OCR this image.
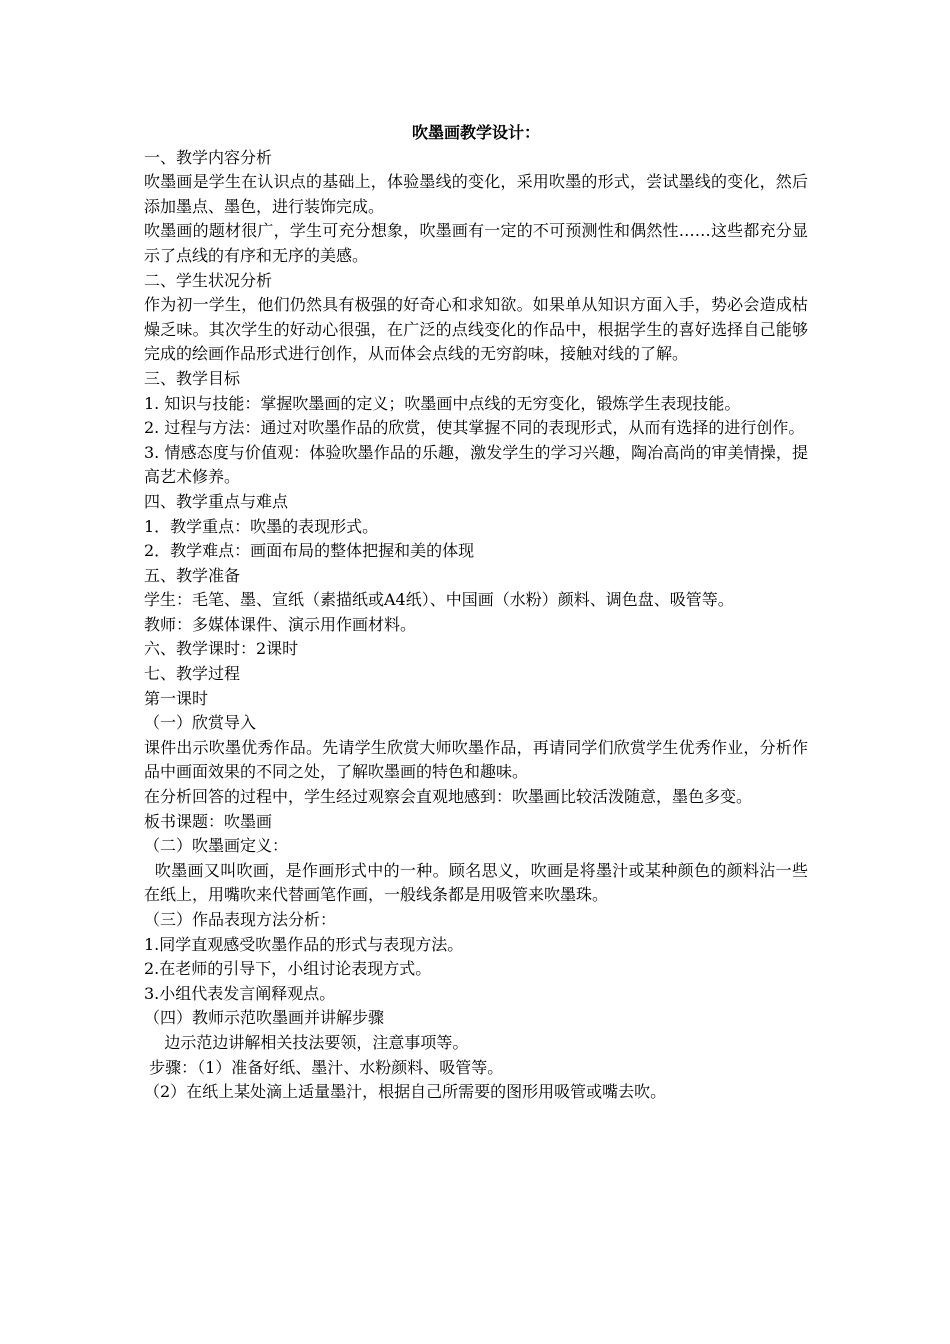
吹墨画教学设计：

一、教学内容分析

吹墨画是学生在认识点的基础上，体验墨线的变化，采用吹墨的形式，尝试墨线的变化，然后添加墨点、墨色，进行装饰完成。

吹墨画的题材很广，学生可充分想象，吹墨画有一定的不可预测性和偶然性……这些都充分显示了点线的有序和无序的美感。

二、学生状况分析

作为初一学生，他们仍然具有极强的好奇心和求知欲。如果单从知识方面入手，势必会造成枯燥乏味。其次学生的好动心很强，在广泛的点线变化的作品中，根据学生的喜好选择自己能够完成的绘画作品形式进行创作，从而体会点线的无穷韵味，接触对线的了解。

三、教学目标

1. 知识与技能：掌握吹墨画的定义；吹墨画中点线的无穷变化，锻炼学生表现技能。

2. 过程与方法：通过对吹墨作品的欣赏，使其掌握不同的表现形式，从而有选择的进行创作。

3. 情感态度与价值观：体验吹墨作品的乐趣，激发学生的学习兴趣，陶冶高尚的审美情操，提高艺术修养。

四、教学重点与难点

1．教学重点：吹墨的表现形式。

2．教学难点：画面布局的整体把握和美的体现

五、教学准备

学生：毛笔、墨、宣纸（素描纸或A4纸）、中国画（水粉）颜料、调色盘、吸管等。

教师：多媒体课件、演示用作画材料。

六、教学课时：2课时

七、教学过程

第一课时

（一）欣赏导入

课件出示吹墨优秀作品。先请学生欣赏大师吹墨作品，再请同学们欣赏学生优秀作业，分析作品中画面效果的不同之处，了解吹墨画的特色和趣味。

在分析回答的过程中，学生经过观察会直观地感到：吹墨画比较活泼随意，墨色多变。

板书课题：吹墨画

（二）吹墨画定义：

吹墨画又叫吹画，是作画形式中的一种。顾名思义，吹画是将墨汁或某种颜色的颜料沾一些在纸上，用嘴吹来代替画笔作画，一般线条都是用吸管来吹墨珠。

（三）作品表现方法分析：

1.同学直观感受吹墨作品的形式与表现方法。

2.在老师的引导下，小组讨论表现方式。

3.小组代表发言阐释观点。

（四）教师示范吹墨画并讲解步骤

边示范边讲解相关技法要领，注意事项等。

步骤：（1）准备好纸、墨汁、水粉颜料、吸管等。

（2）在纸上某处滴上适量墨汁，根据自己所需要的图形用吸管或嘴去吹。
